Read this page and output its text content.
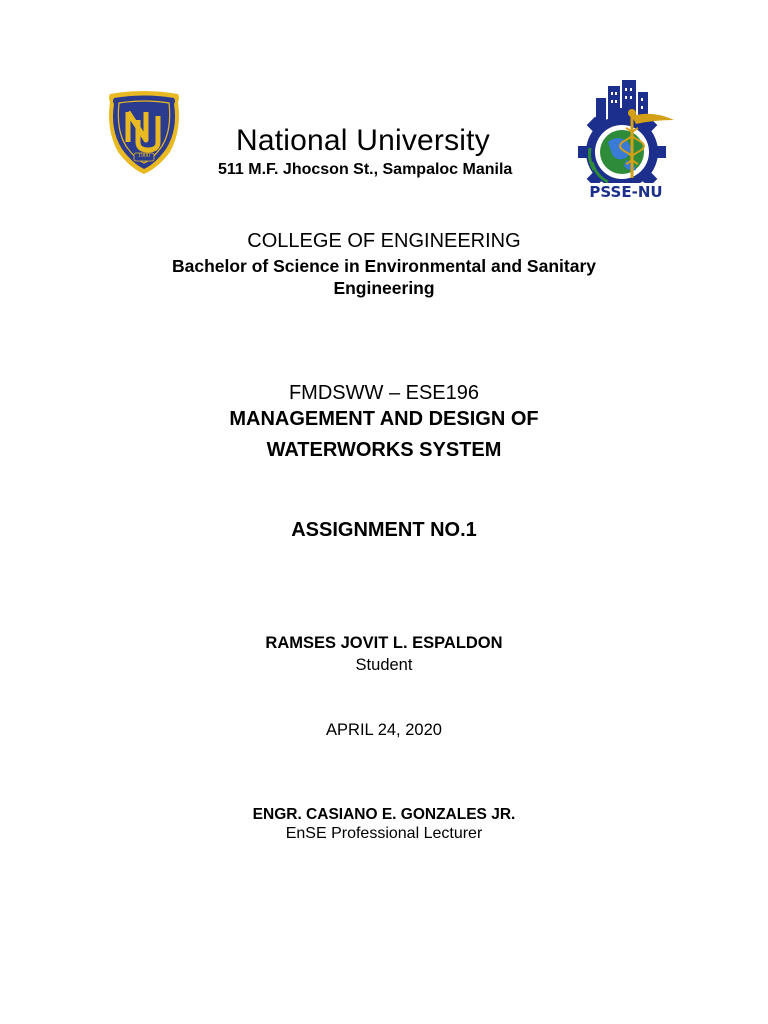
1900
PSSE-NU
National University
511 M.F. Jhocson St., Sampaloc Manila
COLLEGE OF ENGINEERING
Bachelor of Science in Environmental and Sanitary Engineering
FMDSWW – ESE196
MANAGEMENT AND DESIGN OF WATERWORKS SYSTEM
ASSIGNMENT NO.1
RAMSES JOVIT L. ESPALDON
Student
APRIL 24, 2020
ENGR. CASIANO E. GONZALES JR.
EnSE Professional Lecturer
